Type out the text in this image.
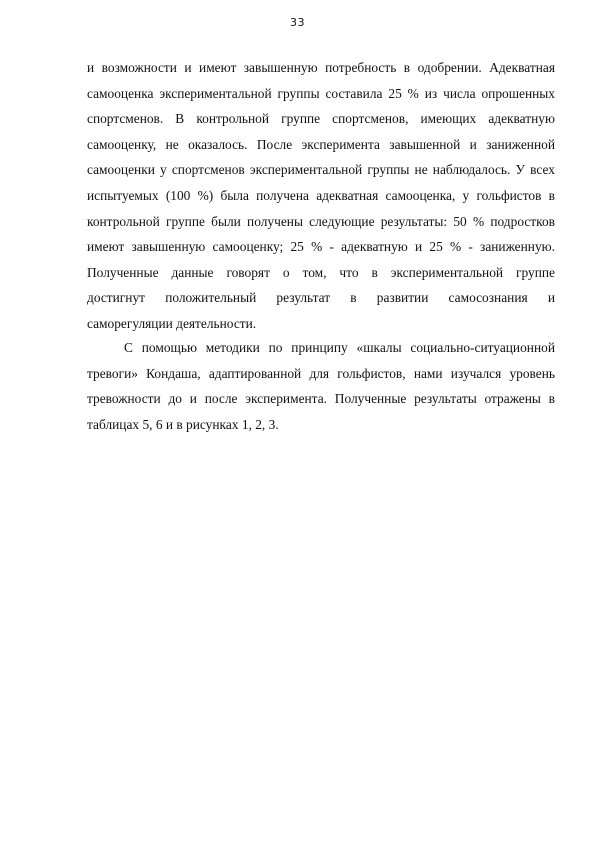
33
и возможности и имеют завышенную потребность в одобрении. Адекватная
самооценка экспериментальной группы составила 25 % из числа опрошенных
спортсменов. В контрольной группе спортсменов, имеющих адекватную
самооценку, не оказалось. После эксперимента завышенной и заниженной
самооценки у спортсменов экспериментальной группы не наблюдалось. У всех
испытуемых (100 %) была получена адекватная самооценка, у гольфистов в
контрольной группе были получены следующие результаты: 50 % подростков
имеют завышенную самооценку; 25 % - адекватную и 25 % - заниженную.
Полученные данные говорят о том, что в экспериментальной группе
достигнут положительный результат в развитии самосознания и
саморегуляции деятельности.
С помощью методики по принципу «шкалы социально-ситуационной
тревоги» Кондаша, адаптированной для гольфистов, нами изучался уровень
тревожности до и после эксперимента. Полученные результаты отражены в
таблицах 5, 6 и в рисунках 1, 2, 3.
